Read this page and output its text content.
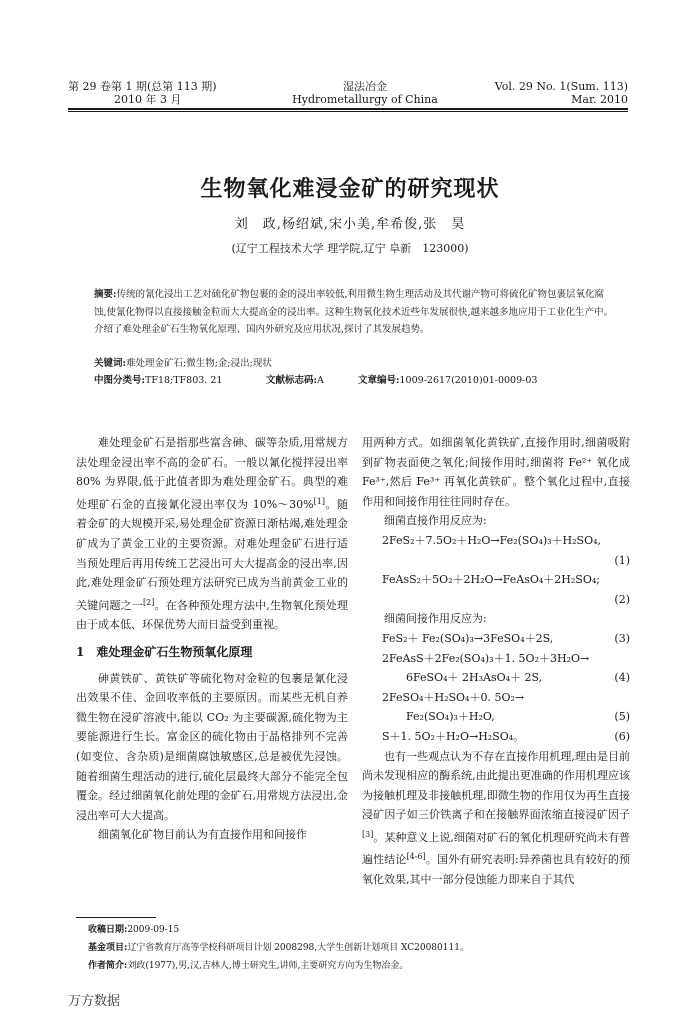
第 29 卷第 1 期(总第 113 期)
2010 年 3 月
湿法冶金
Hydrometallurgy of China
Vol. 29 No. 1(Sum. 113)
Mar. 2010
生物氧化难浸金矿的研究现状
刘　政,杨绍斌,宋小美,牟希俊,张　昊
(辽宁工程技术大学 理学院,辽宁 阜新　123000)
摘要:传统的氰化浸出工艺对硫化矿物包裹的金的浸出率较低,利用微生物生理活动及其代谢产物可将硫化矿物包裹层氧化腐蚀,使氰化物得以直接接触金粒而大大提高金的浸出率。这种生物氧化技术近些年发展很快,越来越多地应用于工业化生产中。介绍了难处理金矿石生物氧化原理、国内外研究及应用状况,探讨了其发展趋势。
关键词:难处理金矿石;微生物;金;浸出;现状
中图分类号:TF18;TF803. 21	文献标志码:A	文章编号:1009-2617(2010)01-0009-03

难处理金矿石是指那些富含砷、碳等杂质,用常规方法处理金浸出率不高的金矿石。一般以氰化搅拌浸出率 80% 为界限,低于此值者即为难处理金矿石。典型的难处理矿石金的直接氰化浸出率仅为 10%～30%[1]。随着金矿的大规模开采,易处理金矿资源日渐枯竭,难处理金矿成为了黄金工业的主要资源。对难处理金矿石进行适当预处理后再用传统工艺浸出可大大提高金的浸出率,因此,难处理金矿石预处理方法研究已成为当前黄金工业的关键问题之一[2]。在各种预处理方法中,生物氧化预处理由于成本低、环保优势大而日益受到重视。

1　 难处理金矿石生物预氧化原理

砷黄铁矿、黄铁矿等硫化物对金粒的包裹是氰化浸出效果不佳、金回收率低的主要原因。而某些无机自养微生物在浸矿溶液中,能以 CO₂ 为主要碳源,硫化物为主要能源进行生长。富金区的硫化物由于晶格排列不完善(如变位、含杂质)是细菌腐蚀敏感区,总是被优先浸蚀。随着细菌生理活动的进行,硫化层最终大部分不能完全包覆金。经过细菌氧化前处理的金矿石,用常规方法浸出,金浸出率可大大提高。

细菌氧化矿物目前认为有直接作用和间接作

用两种方式。如细菌氧化黄铁矿,直接作用时,细菌吸附到矿物表面使之氧化;间接作用时,细菌将 Fe²⁺ 氧化成 Fe³⁺,然后 Fe³⁺ 再氧化黄铁矿。整个氧化过程中,直接作用和间接作用往往同时存在。

细菌直接作用反应为:

2FeS₂＋7.5O₂＋H₂O→Fe₂(SO₄)₃＋H₂SO₄,
(1)
FeAsS₂＋5O₂＋2H₂O→FeAsO₄＋2H₂SO₄;
(2)

细菌间接作用反应为:

FeS₂＋ Fe₂(SO₄)₃→3FeSO₄＋2S,	(3)
2FeAsS＋2Fe₂(SO₄)₃＋1. 5O₂＋3H₂O→
6FeSO₄＋ 2H₃AsO₄＋ 2S,	(4)
2FeSO₄＋H₂SO₄＋0. 5O₂→
Fe₂(SO₄)₃＋H₂O,	(5)
S＋1. 5O₂＋H₂O→H₂SO₄。	(6)

也有一些观点认为不存在直接作用机理,理由是目前尚未发现相应的酶系统,由此提出更准确的作用机理应该为接触机理及非接触机理,即微生物的作用仅为再生直接浸矿因子如三价铁离子和在接触界面浓缩直接浸矿因子[3]。某种意义上说,细菌对矿石的氧化机理研究尚未有普遍性结论[4-6]。国外有研究表明:异养菌也具有较好的预氧化效果,其中一部分侵蚀能力即来自于其代

收稿日期:2009-09-15
基金项目:辽宁省教育厅高等学校科研项目计划 2008298,大学生创新计划项目 XC20080111。
作者简介:刘政(1977),男,汉,吉林人,博士研究生,讲师,主要研究方向为生物冶金。
万方数据
